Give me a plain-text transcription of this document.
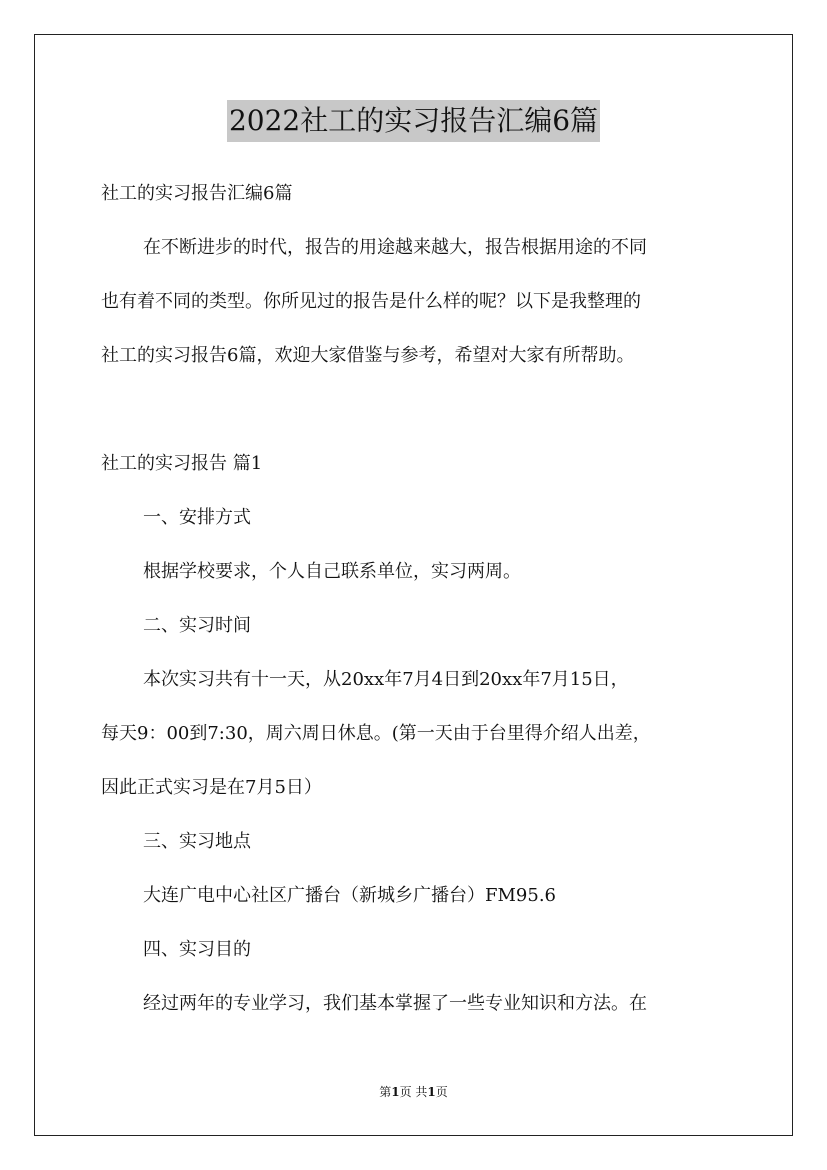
2022社工的实习报告汇编6篇
社工的实习报告汇编6篇
在不断进步的时代，报告的用途越来越大，报告根据用途的不同
也有着不同的类型。你所见过的报告是什么样的呢？以下是我整理的
社工的实习报告6篇，欢迎大家借鉴与参考，希望对大家有所帮助。
社工的实习报告 篇1
一、安排方式
根据学校要求，个人自己联系单位，实习两周。
二、实习时间
本次实习共有十一天，从20xx年7月4日到20xx年7月15日，
每天9：00到7:30，周六周日休息。(第一天由于台里得介绍人出差，
因此正式实习是在7月5日）
三、实习地点
大连广电中心社区广播台（新城乡广播台）FM95.6
四、实习目的
经过两年的专业学习，我们基本掌握了一些专业知识和方法。在
第1页 共1页
